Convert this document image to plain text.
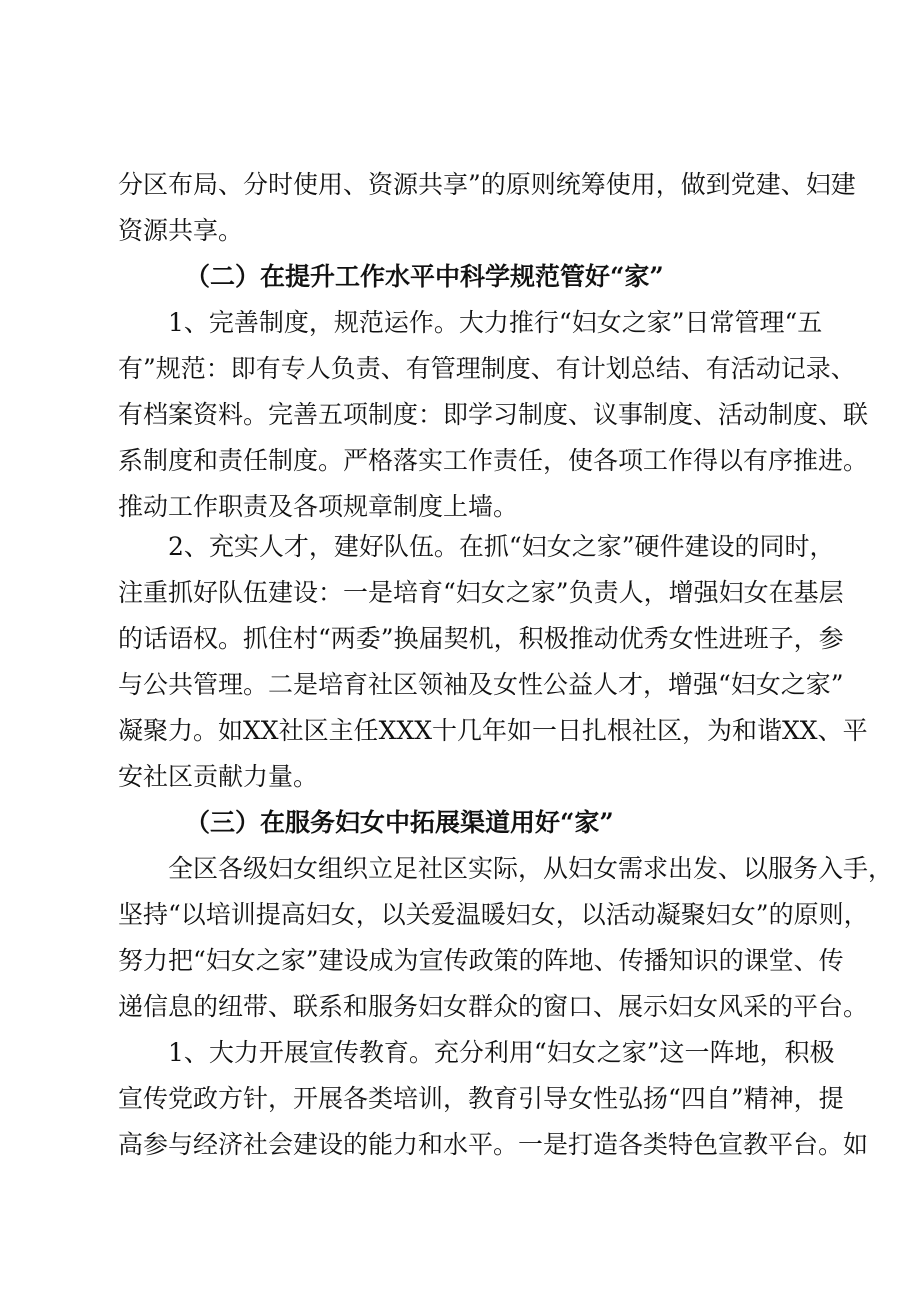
分区布局、分时使用、资源共享”的原则统筹使用，做到党建、妇建
资源共享。
（二）在提升工作水平中科学规范管好“家”
1、完善制度，规范运作。大力推行“妇女之家”日常管理“五
有”规范：即有专人负责、有管理制度、有计划总结、有活动记录、
有档案资料。完善五项制度：即学习制度、议事制度、活动制度、联
系制度和责任制度。严格落实工作责任，使各项工作得以有序推进。
推动工作职责及各项规章制度上墙。
2、充实人才，建好队伍。在抓“妇女之家”硬件建设的同时，
注重抓好队伍建设：一是培育“妇女之家”负责人，增强妇女在基层
的话语权。抓住村“两委”换届契机，积极推动优秀女性进班子，参
与公共管理。二是培育社区领袖及女性公益人才，增强“妇女之家”
凝聚力。如XX社区主任XXX十几年如一日扎根社区，为和谐XX、平
安社区贡献力量。
（三）在服务妇女中拓展渠道用好“家”
全区各级妇女组织立足社区实际，从妇女需求出发、以服务入手，
坚持“以培训提高妇女，以关爱温暖妇女，以活动凝聚妇女”的原则，
努力把“妇女之家”建设成为宣传政策的阵地、传播知识的课堂、传
递信息的纽带、联系和服务妇女群众的窗口、展示妇女风采的平台。
1、大力开展宣传教育。充分利用“妇女之家”这一阵地，积极
宣传党政方针，开展各类培训，教育引导女性弘扬“四自”精神，提
高参与经济社会建设的能力和水平。一是打造各类特色宣教平台。如
